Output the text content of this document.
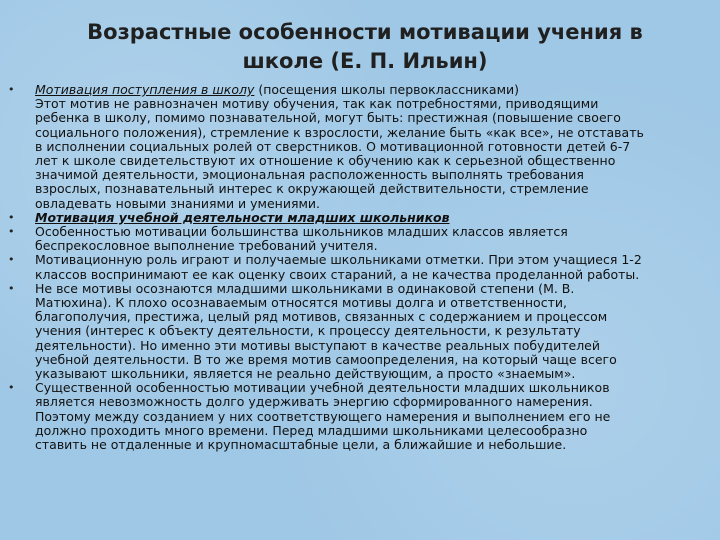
Возрастные особенности мотивации учения в
школе (Е. П. Ильин)
•	Мотивация поступления в школу (посещения школы первоклассниками)
Этот мотив не равнозначен мотиву обучения, так как потребностями, приводящими
ребенка в школу, помимо познавательной, могут быть: престижная (повышение своего
социального положения), стремление к взрослости, желание быть «как все», не отставать
в исполнении социальных ролей от сверстников. О мотивационной готовности детей 6-7
лет к школе свидетельствуют их отношение к обучению как к серьезной общественно
значимой деятельности, эмоциональная расположенность выполнять требования
взрослых, познавательный интерес к окружающей действительности, стремление
овладевать новыми знаниями и умениями.
•	Мотивация учебной деятельности младших школьников
•	Особенностью мотивации большинства школьников младших классов является
беспрекословное выполнение требований учителя.
•	Мотивационную роль играют и получаемые школьниками отметки. При этом учащиеся 1-2
классов воспринимают ее как оценку своих стараний, а не качества проделанной работы.
•	Не все мотивы осознаются младшими школьниками в одинаковой степени (М. В.
Матюхина). К плохо осознаваемым относятся мотивы долга и ответственности,
благополучия, престижа, целый ряд мотивов, связанных с содержанием и процессом
учения (интерес к объекту деятельности, к процессу деятельности, к результату
деятельности). Но именно эти мотивы выступают в качестве реальных побудителей
учебной деятельности. В то же время мотив самоопределения, на который чаще всего
указывают школьники, является не реально действующим, а просто «знаемым».
•	Существенной особенностью мотивации учебной деятельности младших школьников
является невозможность долго удерживать энергию сформированного намерения.
Поэтому между созданием у них соответствующего намерения и выполнением его не
должно проходить много времени. Перед младшими школьниками целесообразно
ставить не отдаленные и крупномасштабные цели, а ближайшие и небольшие.
